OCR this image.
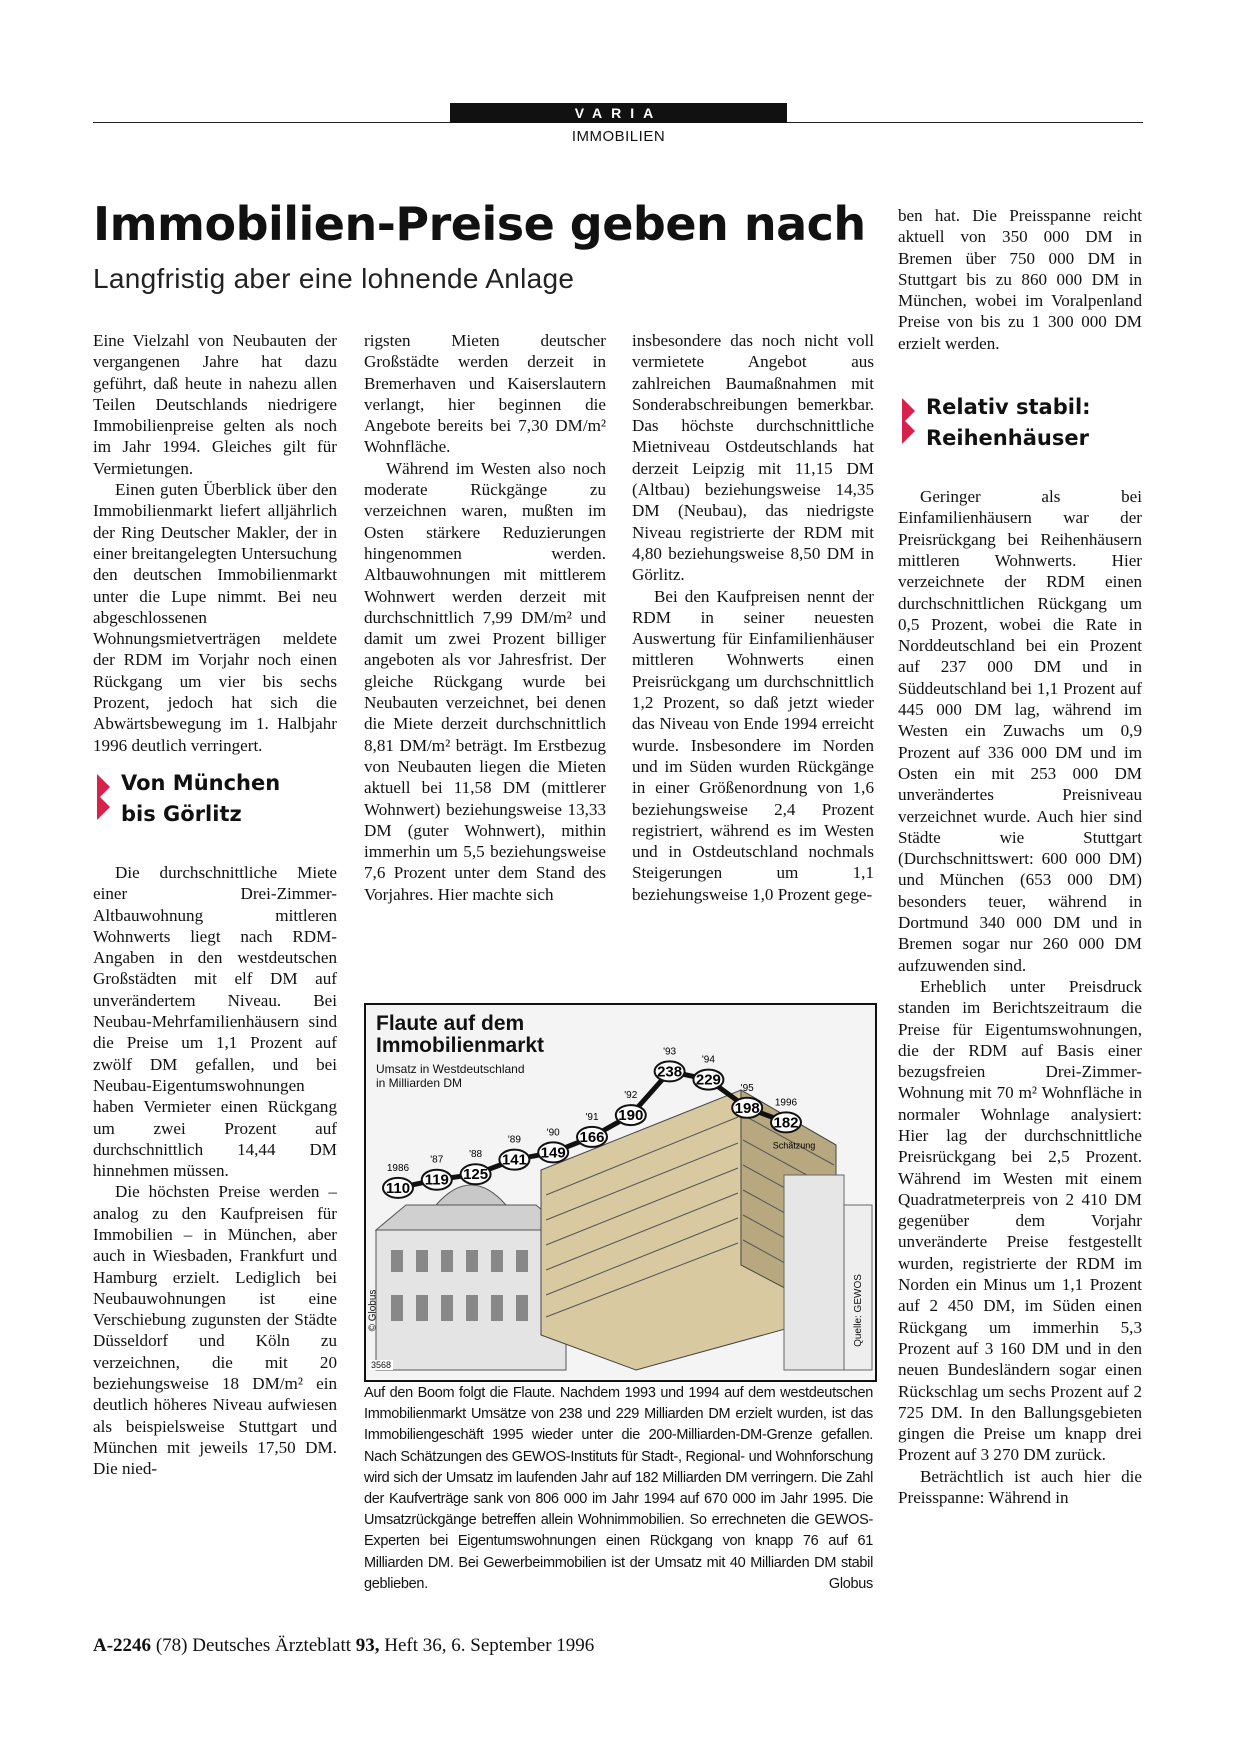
VARIA
IMMOBILIEN
Immobilien-Preise geben nach
Langfristig aber eine lohnende Anlage

Eine Vielzahl von Neubauten der vergangenen Jahre hat dazu geführt, daß heute in nahezu allen Teilen Deutschlands niedrigere Immobilienpreise gelten als noch im Jahr 1994. Gleiches gilt für Vermietungen.

Einen guten Überblick über den Immobilienmarkt liefert alljährlich der Ring Deutscher Makler, der in einer breitangelegten Untersuchung den deutschen Immobilienmarkt unter die Lupe nimmt. Bei neu abgeschlossenen Wohnungsmietverträgen meldete der RDM im Vorjahr noch einen Rückgang um vier bis sechs Prozent, jedoch hat sich die Abwärtsbewegung im 1. Halbjahr 1996 deutlich verringert.

Von München
bis Görlitz

Die durchschnittliche Miete einer Drei-Zimmer-Altbauwohnung mittleren Wohnwerts liegt nach RDM-Angaben in den westdeutschen Großstädten mit elf DM auf unverändertem Niveau. Bei Neubau-Mehrfamilienhäusern sind die Preise um 1,1 Prozent auf zwölf DM gefallen, und bei Neubau-Eigentumswohnungen haben Vermieter einen Rückgang um zwei Prozent auf durchschnittlich 14,44 DM hinnehmen müssen.

Die höchsten Preise werden – analog zu den Kaufpreisen für Immobilien – in München, aber auch in Wiesbaden, Frankfurt und Hamburg erzielt. Lediglich bei Neubauwohnungen ist eine Verschiebung zugunsten der Städte Düsseldorf und Köln zu verzeichnen, die mit 20 beziehungsweise 18 DM/m² ein deutlich höheres Niveau aufwiesen als beispielsweise Stuttgart und München mit jeweils 17,50 DM. Die nied-

rigsten Mieten deutscher Großstädte werden derzeit in Bremerhaven und Kaiserslautern verlangt, hier beginnen die Angebote bereits bei 7,30 DM/m² Wohnfläche.

Während im Westen also noch moderate Rückgänge zu verzeichnen waren, mußten im Osten stärkere Reduzierungen hingenommen werden. Altbauwohnungen mit mittlerem Wohnwert werden derzeit mit durchschnittlich 7,99 DM/m² und damit um zwei Prozent billiger angeboten als vor Jahresfrist. Der gleiche Rückgang wurde bei Neubauten verzeichnet, bei denen die Miete derzeit durchschnittlich 8,81 DM/m² beträgt. Im Erstbezug von Neubauten liegen die Mieten aktuell bei 11,58 DM (mittlerer Wohnwert) beziehungsweise 13,33 DM (guter Wohnwert), mithin immerhin um 5,5 beziehungsweise 7,6 Prozent unter dem Stand des Vorjahres. Hier machte sich

insbesondere das noch nicht voll vermietete Angebot aus zahlreichen Baumaßnahmen mit Sonderabschreibungen bemerkbar. Das höchste durchschnittliche Mietniveau Ostdeutschlands hat derzeit Leipzig mit 11,15 DM (Altbau) beziehungsweise 14,35 DM (Neubau), das niedrigste Niveau registrierte der RDM mit 4,80 beziehungsweise 8,50 DM in Görlitz.

Bei den Kaufpreisen nennt der RDM in seiner neuesten Auswertung für Einfamilienhäuser mittleren Wohnwerts einen Preisrückgang um durchschnittlich 1,2 Prozent, so daß jetzt wieder das Niveau von Ende 1994 erreicht wurde. Insbesondere im Norden und im Süden wurden Rückgänge in einer Größenordnung von 1,6 beziehungsweise 2,4 Prozent registriert, während es im Westen und in Ostdeutschland nochmals Steigerungen um 1,1 beziehungsweise 1,0 Prozent gege-

ben hat. Die Preisspanne reicht aktuell von 350 000 DM in Bremen über 750 000 DM in Stuttgart bis zu 860 000 DM in München, wobei im Voralpenland Preise von bis zu 1 300 000 DM erzielt werden.

Relativ stabil:
Reihenhäuser

Geringer als bei Einfamilienhäusern war der Preisrückgang bei Reihenhäusern mittleren Wohnwerts. Hier verzeichnete der RDM einen durchschnittlichen Rückgang um 0,5 Prozent, wobei die Rate in Norddeutschland bei ein Prozent auf 237 000 DM und in Süddeutschland bei 1,1 Prozent auf 445 000 DM lag, während im Westen ein Zuwachs um 0,9 Prozent auf 336 000 DM und im Osten ein mit 253 000 DM unverändertes Preisniveau verzeichnet wurde. Auch hier sind Städte wie Stuttgart (Durchschnittswert: 600 000 DM) und München (653 000 DM) besonders teuer, während in Dortmund 340 000 DM und in Bremen sogar nur 260 000 DM aufzuwenden sind.

Erheblich unter Preisdruck standen im Berichtszeitraum die Preise für Eigentumswohnungen, die der RDM auf Basis einer bezugsfreien Drei-Zimmer-Wohnung mit 70 m² Wohnfläche in normaler Wohnlage analysiert: Hier lag der durchschnittliche Preisrückgang bei 2,5 Prozent. Während im Westen mit einem Quadratmeterpreis von 2 410 DM gegenüber dem Vorjahr unveränderte Preise festgestellt wurden, registrierte der RDM im Norden ein Minus um 1,1 Prozent auf 2 450 DM, im Süden einen Rückgang um immerhin 5,3 Prozent auf 3 160 DM und in den neuen Bundesländern sogar einen Rückschlag um sechs Prozent auf 2 725 DM. In den Ballungsgebieten gingen die Preise um knapp drei Prozent auf 3 270 DM zurück.

Beträchtlich ist auch hier die Preisspanne: Während in

110
1986
119
'87
125
'88 141
'89
149
'90 166
'91 190
'92
238
'93
229
'94
198
'95
182
1996
Schätzung
Flaute auf dem
Immobilienmarkt
Umsatz in Westdeutschland
in Milliarden DM
© Globus	Quelle: GEWOS
3568
Auf den Boom folgt die Flaute. Nachdem 1993 und 1994 auf dem westdeutschen Immobilienmarkt Umsätze von 238 und 229 Milliarden DM erzielt wurden, ist das Immobiliengeschäft 1995 wieder unter die 200-Milliarden-DM-Grenze gefallen. Nach Schätzungen des GEWOS-Instituts für Stadt-, Regional- und Wohnforschung wird sich der Umsatz im laufenden Jahr auf 182 Milliarden DM verringern. Die Zahl der Kaufverträge sank von 806 000 im Jahr 1994 auf 670 000 im Jahr 1995. Die Umsatzrückgänge betreffen allein Wohnimmobilien. So errechneten die GEWOS-Experten bei Eigentumswohnungen einen Rückgang von knapp 76 auf 61 Milliarden DM. Bei Gewerbeimmobilien ist der Umsatz mit 40 Milliarden DM stabil geblieben.	Globus
A-2246 (78) Deutsches Ärzteblatt 93, Heft 36, 6. September 1996
